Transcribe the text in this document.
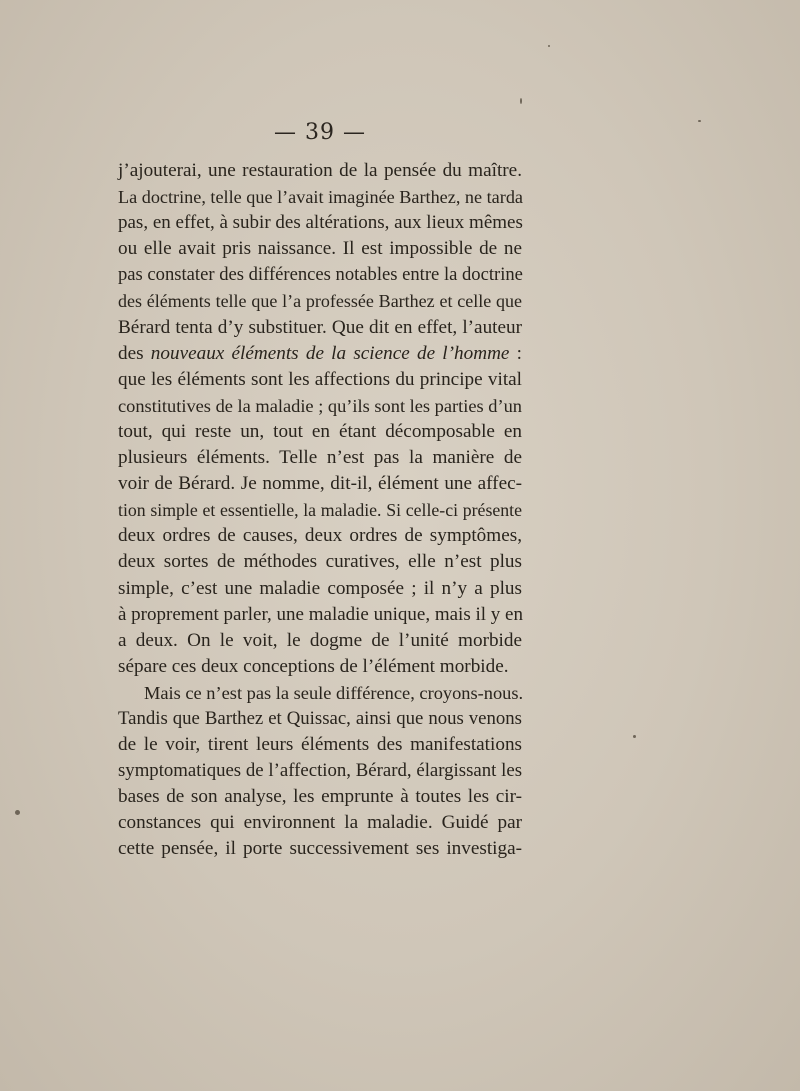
— 39 —
j’ajouterai, une restauration de la pensée du maître.
La doctrine, telle que l’avait imaginée Barthez, ne tarda
pas, en effet, à subir des altérations, aux lieux mêmes
ou elle avait pris naissance. Il est impossible de ne
pas constater des différences notables entre la doctrine
des éléments telle que l’a professée Barthez et celle que
Bérard tenta d’y substituer. Que dit en effet, l’auteur
des nouveaux éléments de la science de l’homme :
que les éléments sont les affections du principe vital
constitutives de la maladie ; qu’ils sont les parties d’un
tout, qui reste un, tout en étant décomposable en
plusieurs éléments. Telle n’est pas la manière de
voir de Bérard. Je nomme, dit-il, élément une affec-
tion simple et essentielle, la maladie. Si celle-ci présente
deux ordres de causes, deux ordres de symptômes,
deux sortes de méthodes curatives, elle n’est plus
simple, c’est une maladie composée ; il n’y a plus
à proprement parler, une maladie unique, mais il y en
a deux. On le voit, le dogme de l’unité morbide
sépare ces deux conceptions de l’élément morbide.
Mais ce n’est pas la seule différence, croyons-nous.
Tandis que Barthez et Quissac, ainsi que nous venons
de le voir, tirent leurs éléments des manifestations
symptomatiques de l’affection, Bérard, élargissant les
bases de son analyse, les emprunte à toutes les cir-
constances qui environnent la maladie. Guidé par
cette pensée, il porte successivement ses investiga-
